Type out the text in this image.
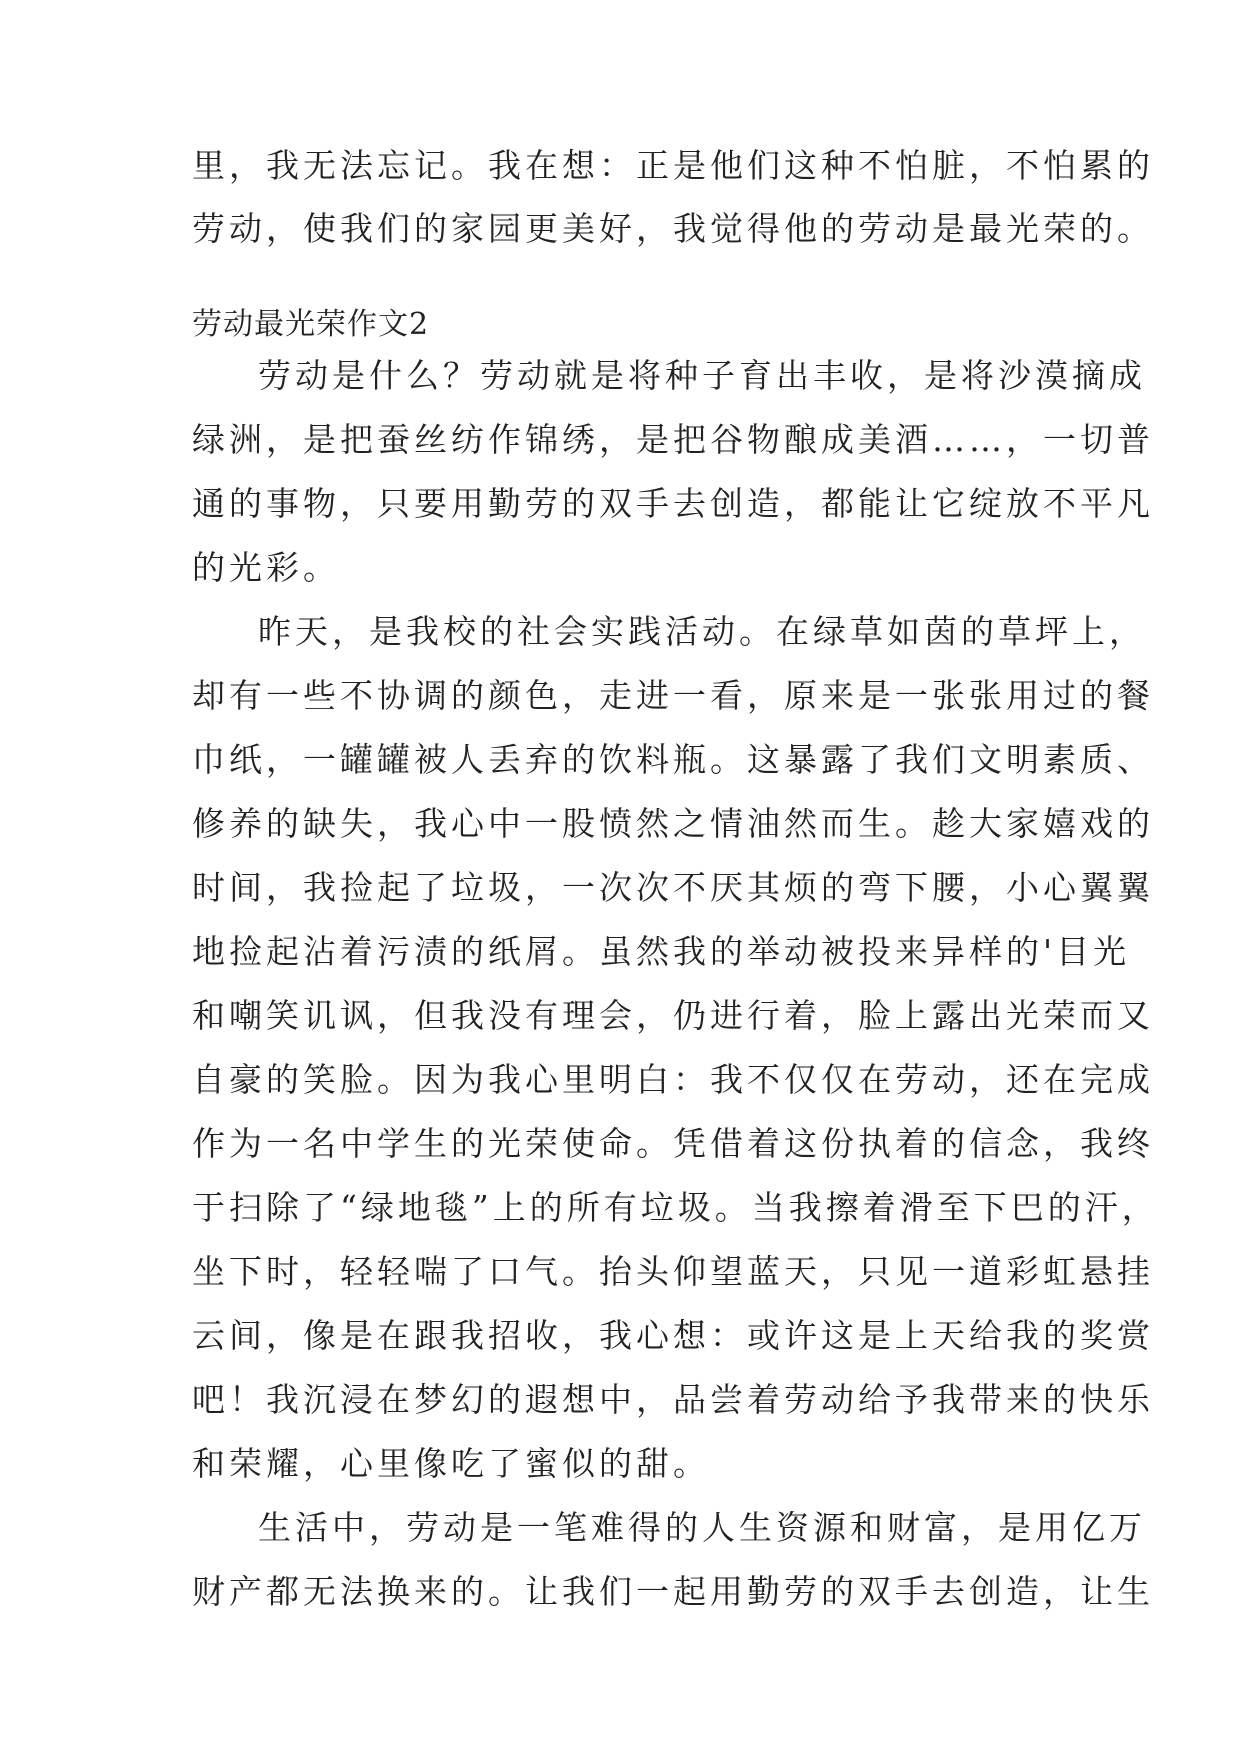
里，我无法忘记。我在想：正是他们这种不怕脏，不怕累的
劳动，使我们的家园更美好，我觉得他的劳动是最光荣的。
劳动最光荣作文2
劳动是什么？劳动就是将种子育出丰收，是将沙漠摘成
绿洲，是把蚕丝纺作锦绣，是把谷物酿成美酒……，一切普
通的事物，只要用勤劳的双手去创造，都能让它绽放不平凡
的光彩。
昨天，是我校的社会实践活动。在绿草如茵的草坪上，
却有一些不协调的颜色，走进一看，原来是一张张用过的餐
巾纸，一罐罐被人丢弃的饮料瓶。这暴露了我们文明素质、
修养的缺失，我心中一股愤然之情油然而生。趁大家嬉戏的
时间，我捡起了垃圾，一次次不厌其烦的弯下腰，小心翼翼
地捡起沾着污渍的纸屑。虽然我的举动被投来异样的'目光
和嘲笑讥讽，但我没有理会，仍进行着，脸上露出光荣而又
自豪的笑脸。因为我心里明白：我不仅仅在劳动，还在完成
作为一名中学生的光荣使命。凭借着这份执着的信念，我终
于扫除了“绿地毯”上的所有垃圾。当我擦着滑至下巴的汗，
坐下时，轻轻喘了口气。抬头仰望蓝天，只见一道彩虹悬挂
云间，像是在跟我招收，我心想：或许这是上天给我的奖赏
吧！我沉浸在梦幻的遐想中，品尝着劳动给予我带来的快乐
和荣耀，心里像吃了蜜似的甜。
生活中，劳动是一笔难得的人生资源和财富，是用亿万
财产都无法换来的。让我们一起用勤劳的双手去创造，让生
